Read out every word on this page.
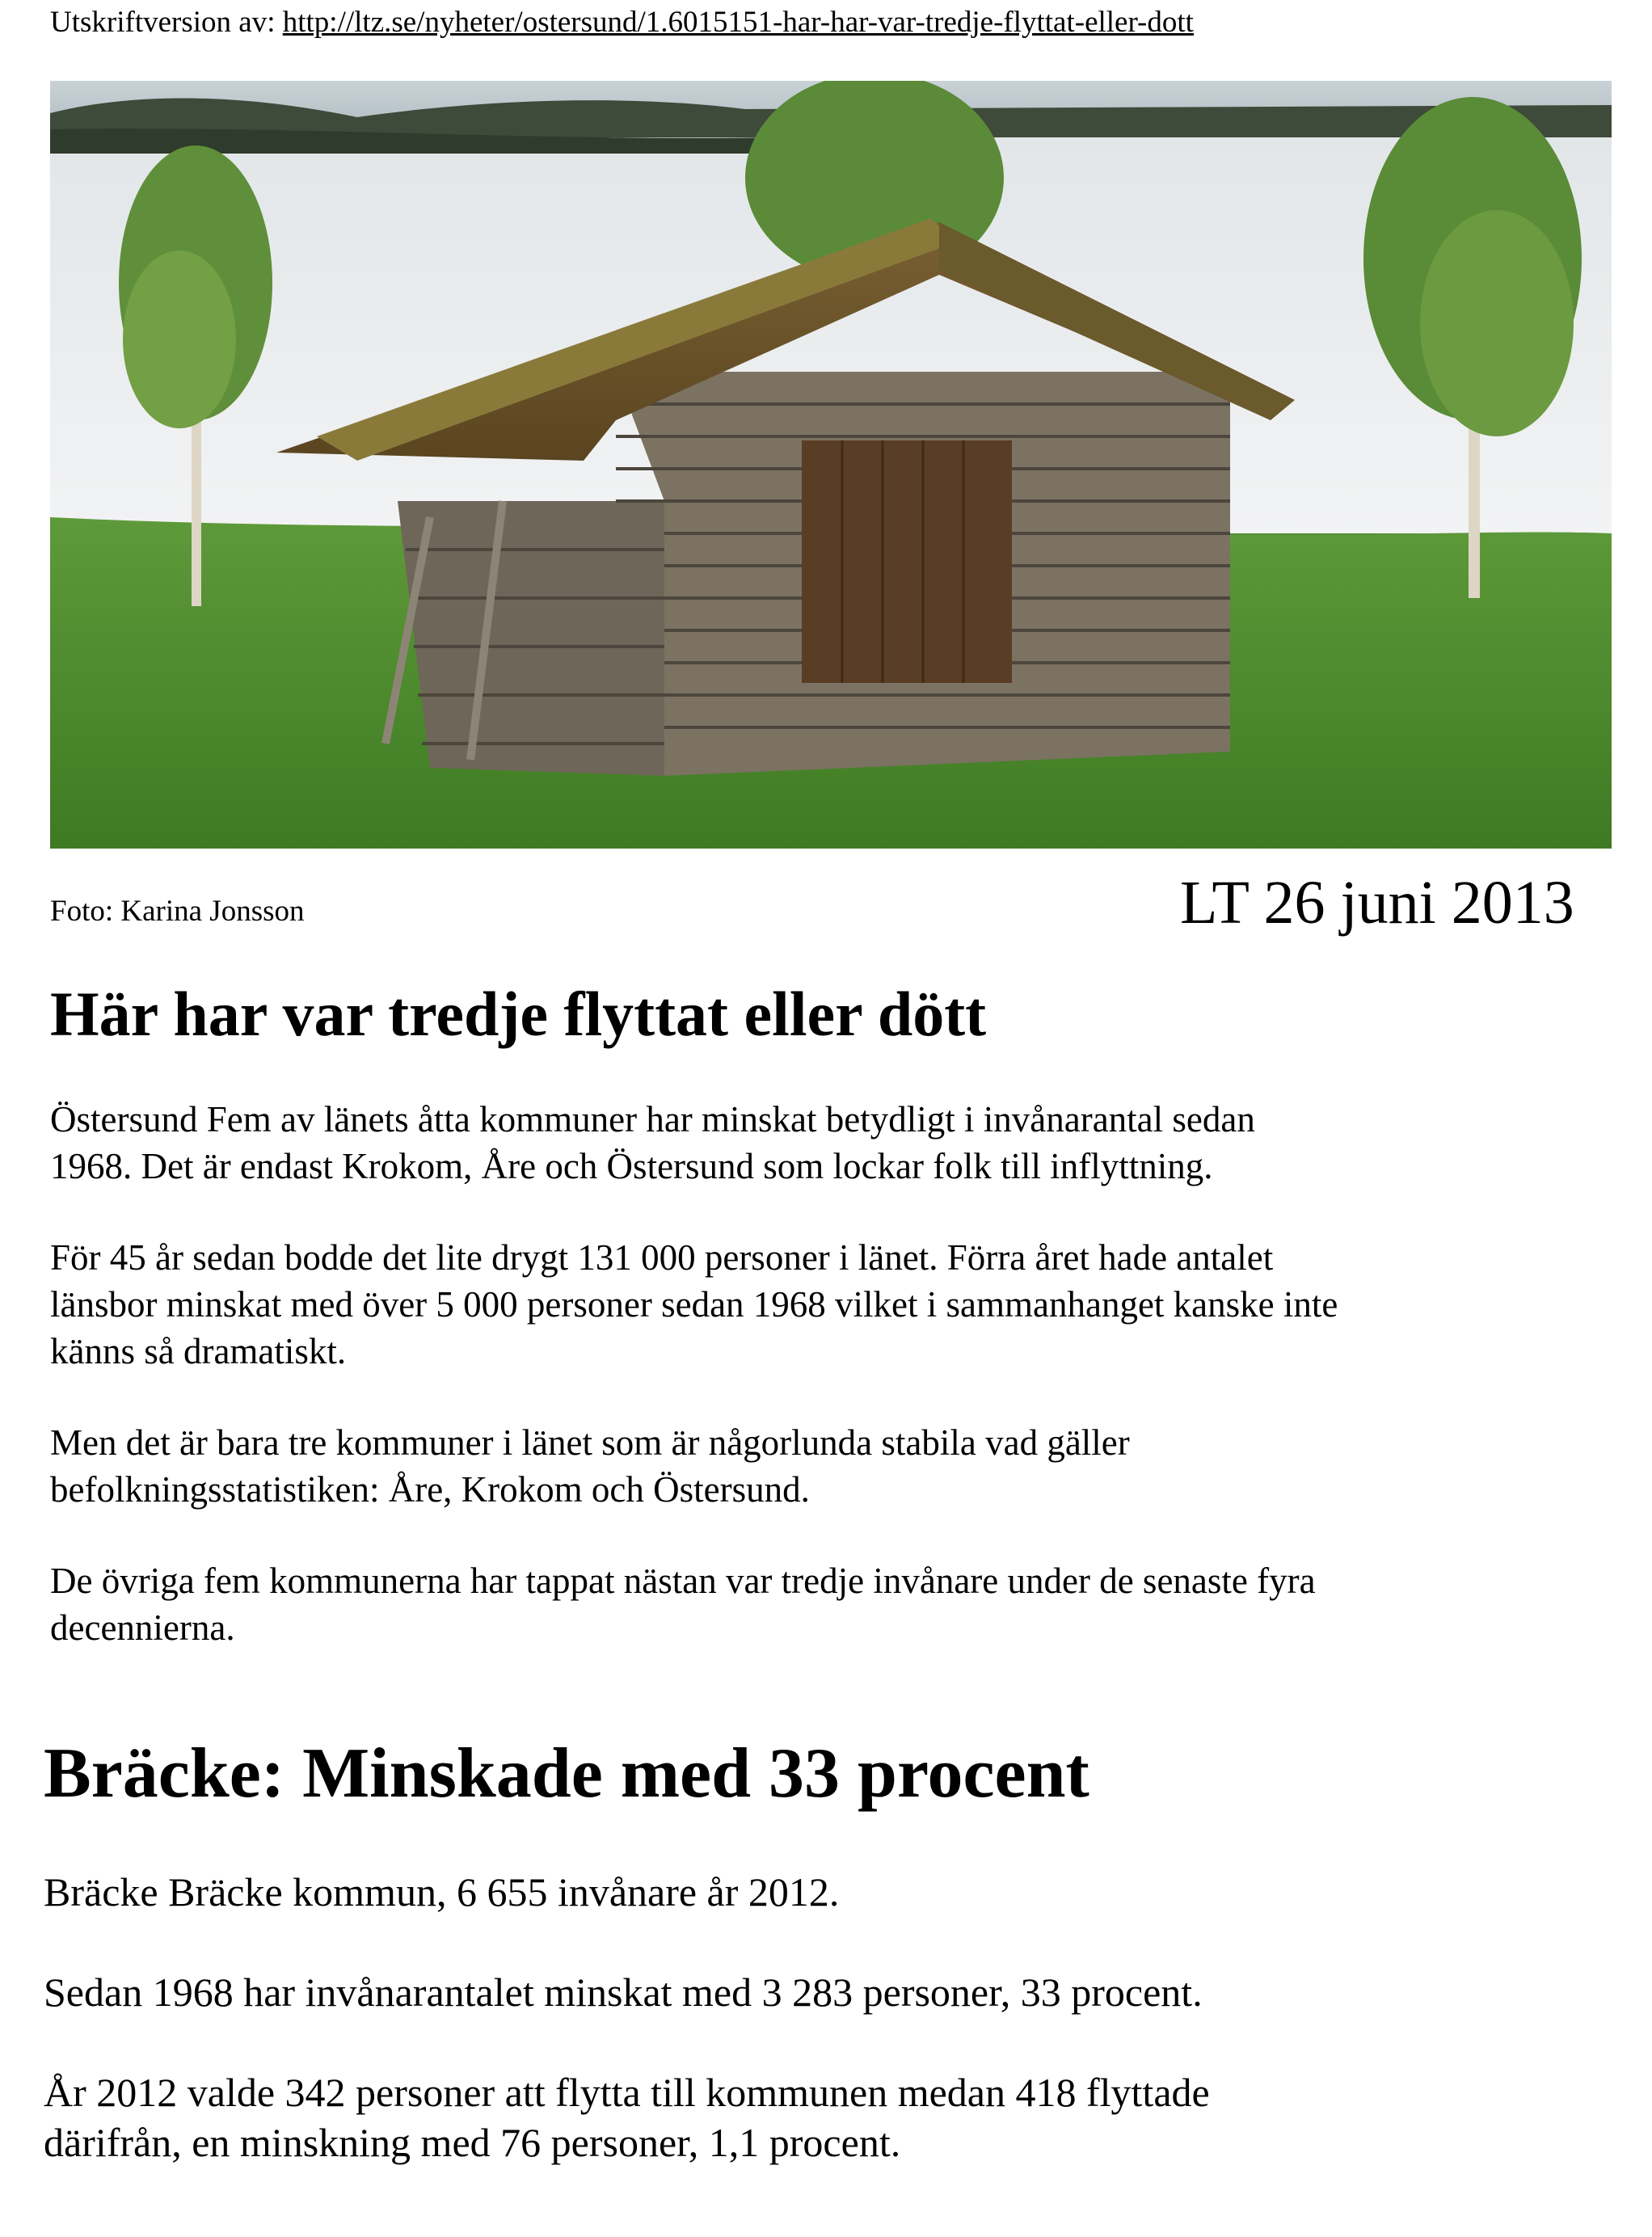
Utskriftversion av: http://ltz.se/nyheter/ostersund/1.6015151-har-har-var-tredje-flyttat-eller-dott
Foto: Karina Jonsson	LT 26 juni 2013
Här har var tredje flyttat eller dött

Östersund Fem av länets åtta kommuner har minskat betydligt i invånarantal sedan 1968. Det är endast Krokom, Åre och Östersund som lockar folk till inflyttning.

För 45 år sedan bodde det lite drygt 131 000 personer i länet. Förra året hade antalet länsbor minskat med över 5 000 personer sedan 1968 vilket i sammanhanget kanske inte känns så dramatiskt.

Men det är bara tre kommuner i länet som är någorlunda stabila vad gäller befolkningsstatistiken: Åre, Krokom och Östersund.

De övriga fem kommunerna har tappat nästan var tredje invånare under de senaste fyra decennierna.

Bräcke: Minskade med 33 procent

Bräcke Bräcke kommun, 6 655 invånare år 2012.

Sedan 1968 har invånarantalet minskat med 3 283 personer, 33 procent.

År 2012 valde 342 personer att flytta till kommunen medan 418 flyttade därifrån, en minskning med 76 personer, 1,1 procent.
